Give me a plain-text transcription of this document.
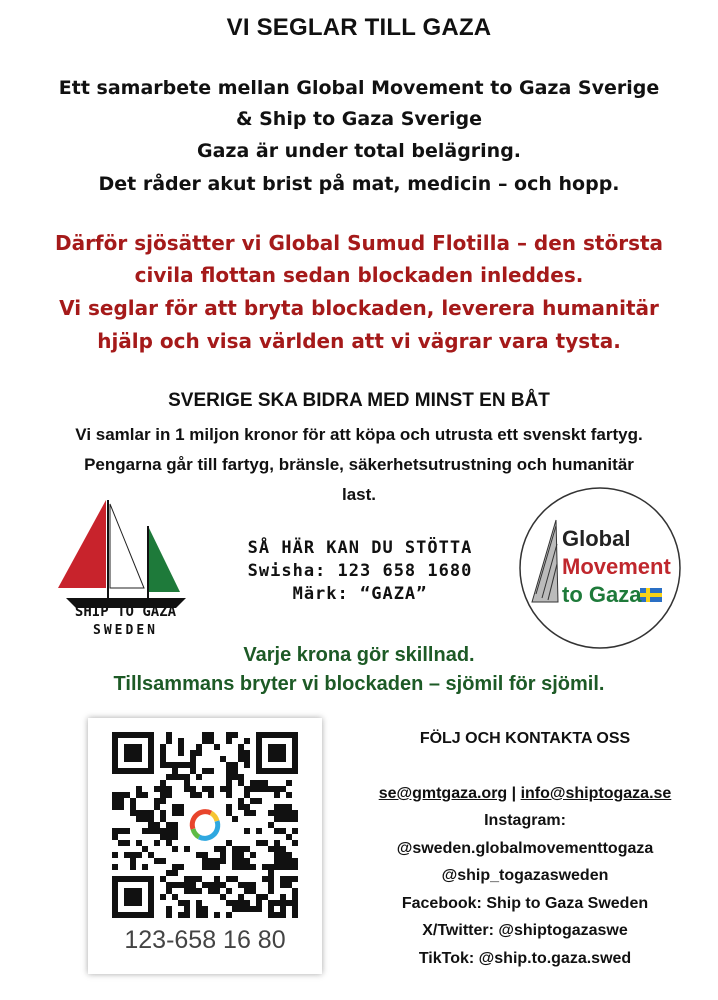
VI SEGLAR TILL GAZA
Ett samarbete mellan Global Movement to Gaza Sverige
& Ship to Gaza Sverige
Gaza är under total belägring.
Det råder akut brist på mat, medicin – och hopp.
Därför sjösätter vi Global Sumud Flotilla – den största
civila flottan sedan blockaden inleddes.
Vi seglar för att bryta blockaden, leverera humanitär
hjälp och visa världen att vi vägrar vara tysta.
SVERIGE SKA BIDRA MED MINST EN BÅT
Vi samlar in 1 miljon kronor för att köpa och utrusta ett svenskt fartyg.
Pengarna går till fartyg, bränsle, säkerhetsutrustning och humanitär
last.
SHIP TO GAZA
SWEDEN
SÅ HÄR KAN DU STÖTTA
Swisha: 123 658 1680
Märk: “GAZA”
Global
Movement
to Gaza
Varje krona gör skillnad.
Tillsammans bryter vi blockaden – sjömil för sjömil.
123-658 16 80
FÖLJ OCH KONTAKTA OSS
se@gmtgaza.org | info@shiptogaza.se
Instagram:
@sweden.globalmovementtogaza
@ship_togazasweden
Facebook: Ship to Gaza Sweden
X/Twitter: @shiptogazaswe
TikTok: @ship.to.gaza.swed
